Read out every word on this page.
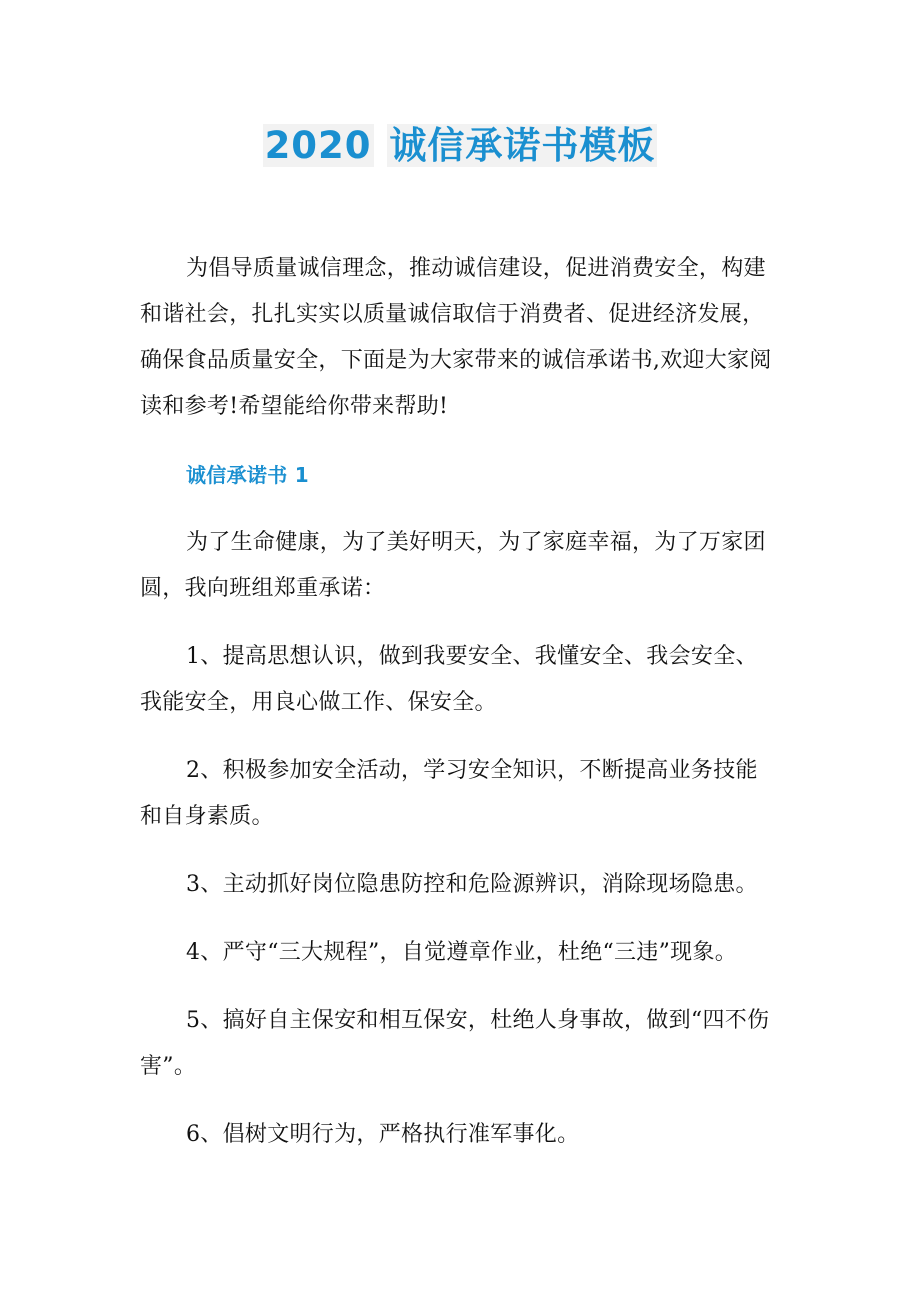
2020 诚信承诺书模板

为倡导质量诚信理念，推动诚信建设，促进消费安全，构建和谐社会，扎扎实实以质量诚信取信于消费者、促进经济发展，确保食品质量安全，下面是为大家带来的诚信承诺书,欢迎大家阅读和参考!希望能给你带来帮助!

诚信承诺书 1

为了生命健康，为了美好明天，为了家庭幸福，为了万家团圆，我向班组郑重承诺：

1、提高思想认识，做到我要安全、我懂安全、我会安全、我能安全，用良心做工作、保安全。

2、积极参加安全活动，学习安全知识，不断提高业务技能和自身素质。

3、主动抓好岗位隐患防控和危险源辨识，消除现场隐患。

4、严守“三大规程”，自觉遵章作业，杜绝“三违”现象。

5、搞好自主保安和相互保安，杜绝人身事故，做到“四不伤害”。

6、倡树文明行为，严格执行准军事化。
